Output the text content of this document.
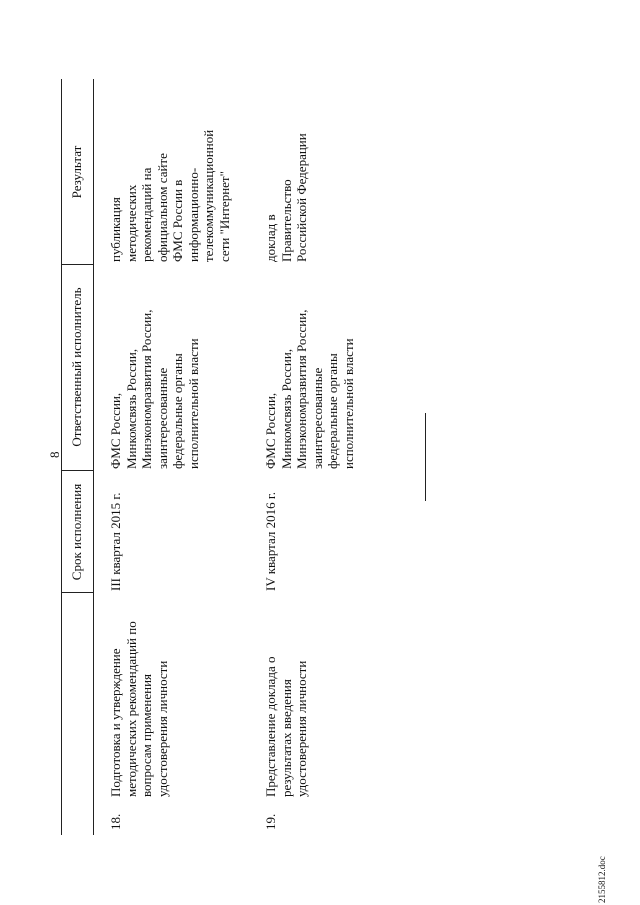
8
Срок исполнения
Ответственный исполнитель
Результат
18.
Подготовка и утверждение методических рекомендаций по вопросам применения удостоверения личности
III квартал 2015 г.
ФМС России, Минкомсвязь России, Минэкономразвития России, заинтересованные федеральные органы исполнительной власти
публикация методических рекомендаций на официальном сайте ФМС России в информационно- телекоммуникационной сети "Интернет"
19.
Представление доклада о результатах введения удостоверения личности
IV квартал 2016 г.
ФМС России, Минкомсвязь России, Минэкономразвития России, заинтересованные федеральные органы исполнительной власти
доклад в Правительство Российской Федерации
2155812.doc
